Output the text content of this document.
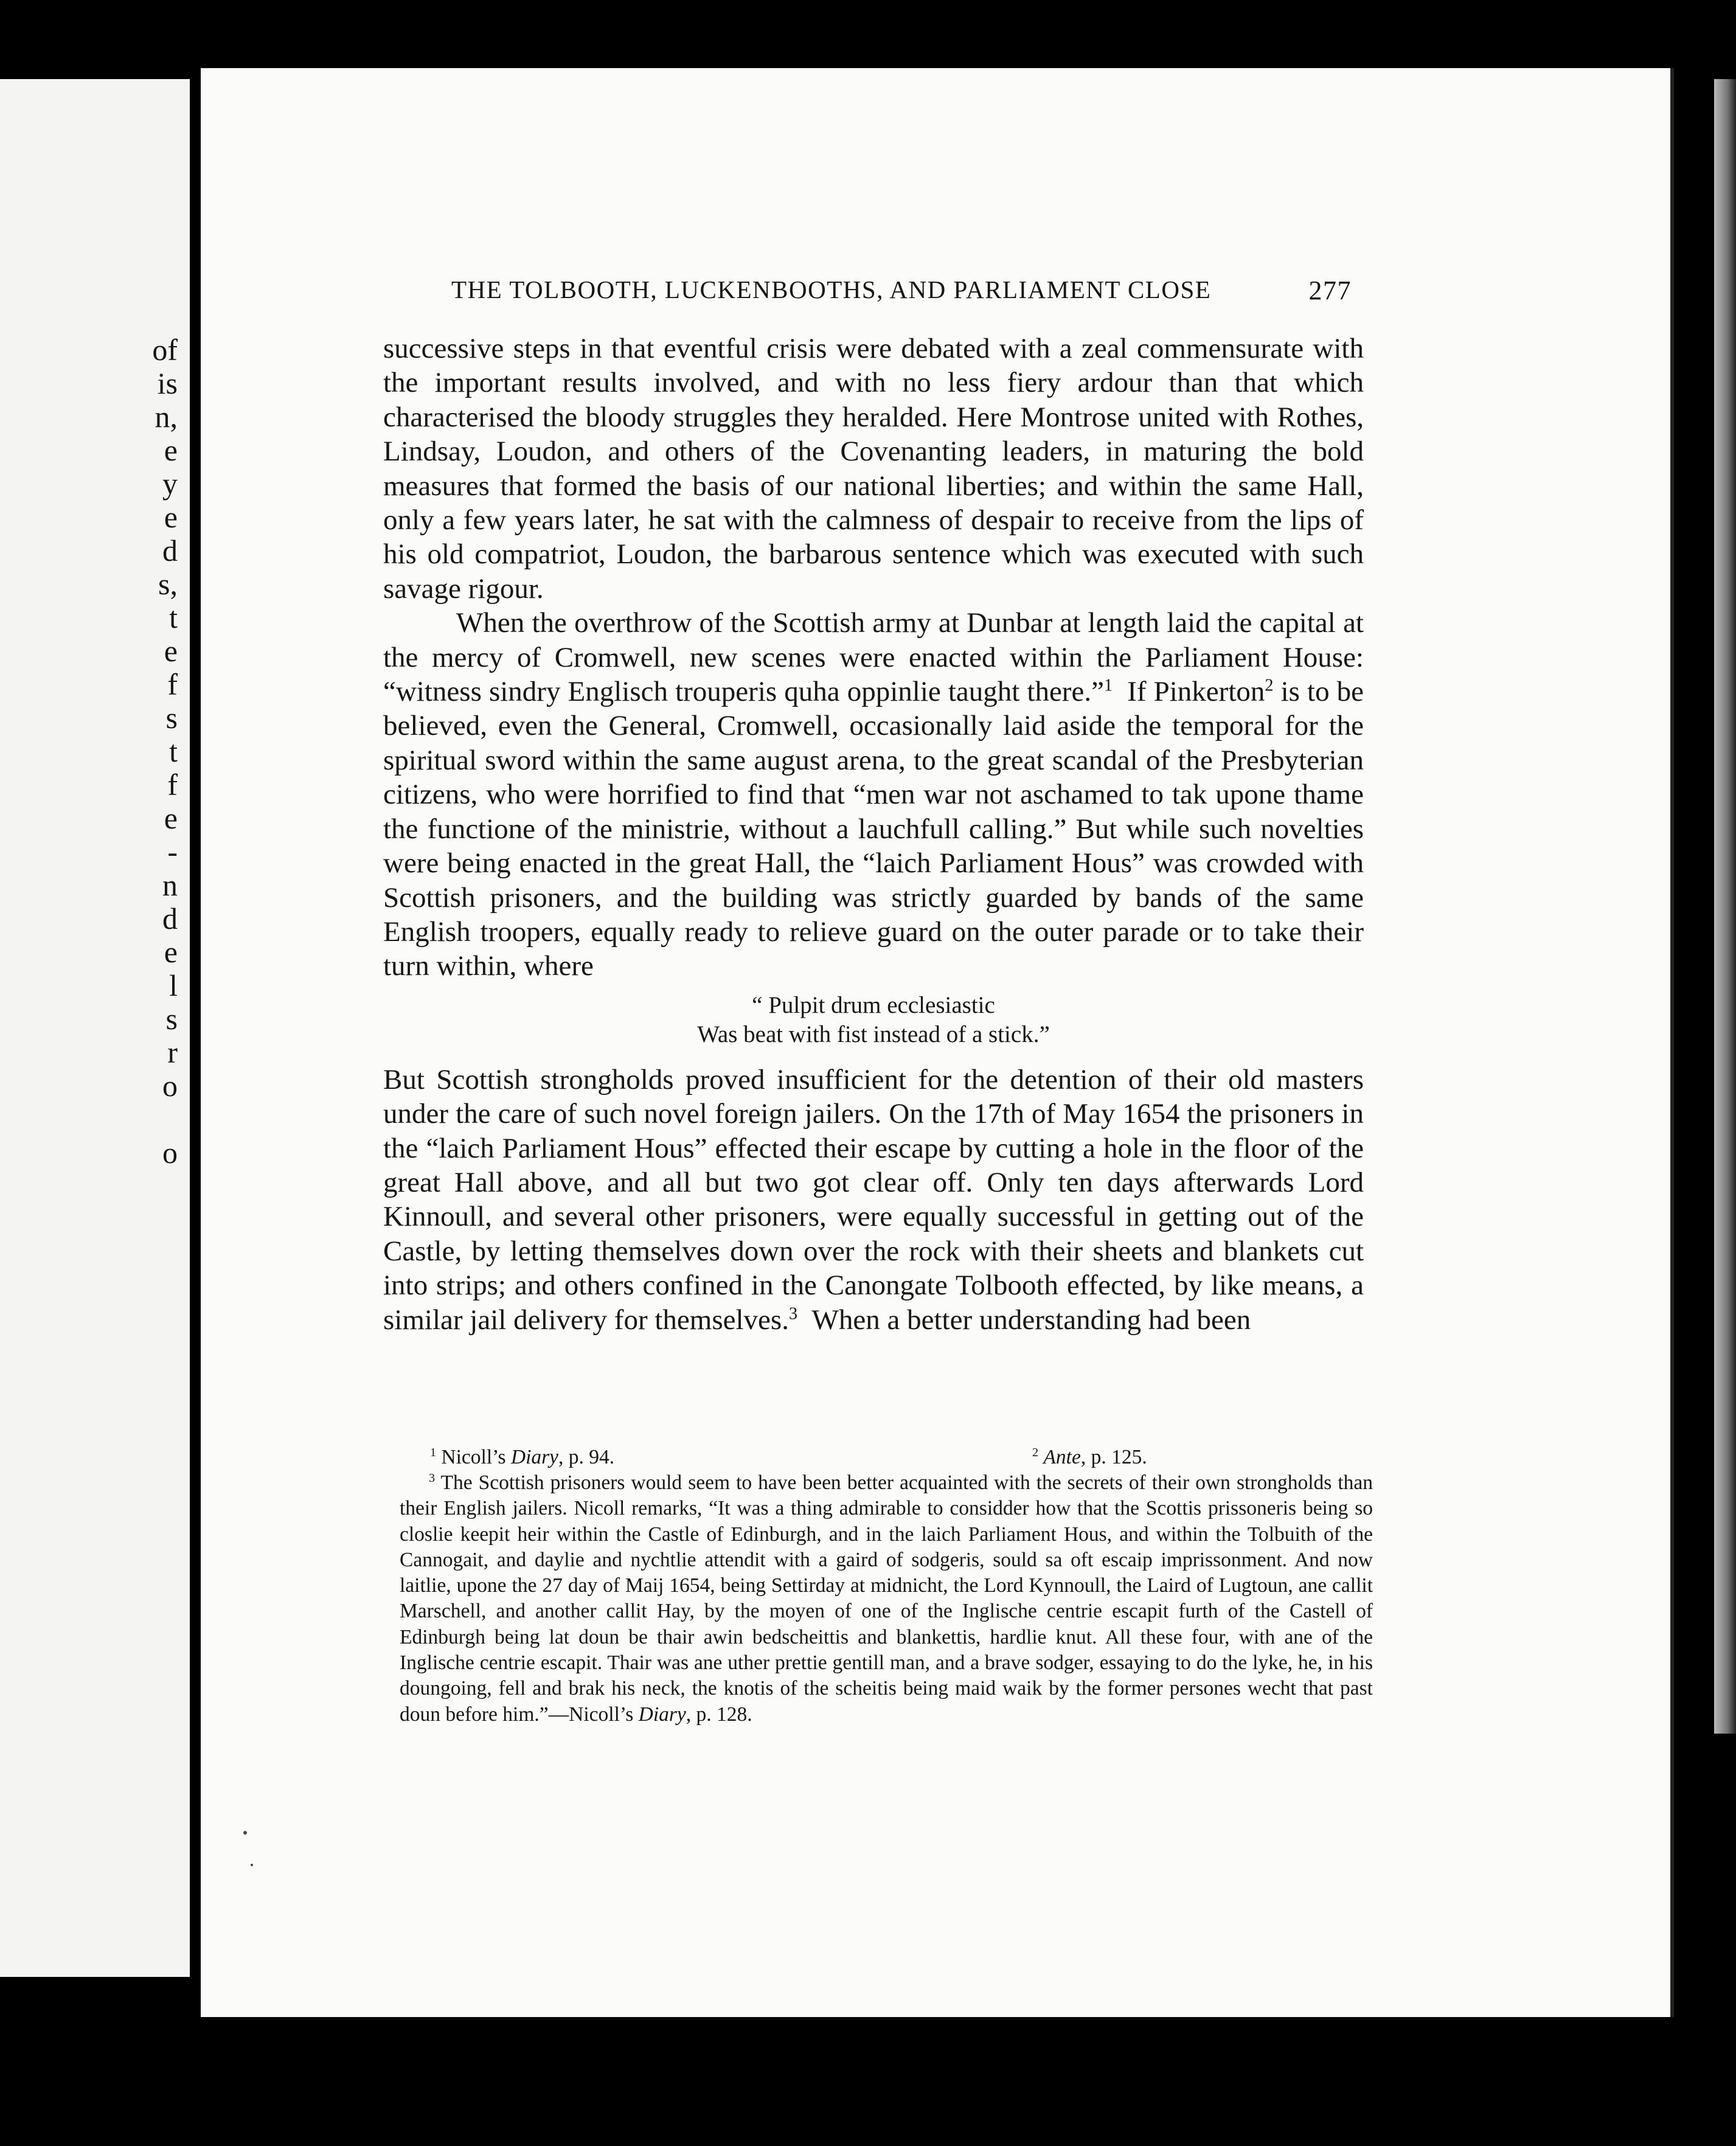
of
is
n,
e
y
e
d
s,
t
e
f
s
t
f
e
-
n
d
e
l
s
r
o
o
THE TOLBOOTH, LUCKENBOOTHS, AND PARLIAMENT CLOSE	277

successive steps in that eventful crisis were debated with a zeal commensurate with the important results involved, and with no less fiery ardour than that which characterised the bloody struggles they heralded. Here Montrose united with Rothes, Lindsay, Loudon, and others of the Covenanting leaders, in maturing the bold measures that formed the basis of our national liberties; and within the same Hall, only a few years later, he sat with the calmness of despair to receive from the lips of his old compatriot, Loudon, the barbarous sentence which was executed with such savage rigour.

When the overthrow of the Scottish army at Dunbar at length laid the capital at the mercy of Cromwell, new scenes were enacted within the Parliament House: “witness sindry Englisch trouperis quha oppinlie taught there.”$^1$ If Pinkerton$^2$ is to be believed, even the General, Cromwell, occasionally laid aside the temporal for the spiritual sword within the same august arena, to the great scandal of the Presbyterian citizens, who were horrified to find that “men war not aschamed to tak upone thame the functione of the ministrie, without a lauchfull calling.” But while such novelties were being enacted in the great Hall, the “laich Parliament Hous” was crowded with Scottish prisoners, and the building was strictly guarded by bands of the same English troopers, equally ready to relieve guard on the outer parade or to take their turn within, where

“ Pulpit drum ecclesiastic
Was beat with fist instead of a stick.”

But Scottish strongholds proved insufficient for the detention of their old masters under the care of such novel foreign jailers. On the 17th of May 1654 the prisoners in the “laich Parliament Hous” effected their escape by cutting a hole in the floor of the great Hall above, and all but two got clear off. Only ten days afterwards Lord Kinnoull, and several other prisoners, were equally successful in getting out of the Castle, by letting themselves down over the rock with their sheets and blankets cut into strips; and others confined in the Canongate Tolbooth effected, by like means, a similar jail delivery for themselves.$^3$ When a better understanding had been

$^1$ Nicoll’s Diary, p. 94.	$^2$ Ante, p. 125.

$^3$ The Scottish prisoners would seem to have been better acquainted with the secrets of their own strongholds than their English jailers. Nicoll remarks, “It was a thing admirable to considder how that the Scottis prissoneris being so closlie keepit heir within the Castle of Edinburgh, and in the laich Parliament Hous, and within the Tolbuith of the Cannogait, and daylie and nychtlie attendit with a gaird of sodgeris, sould sa oft escaip imprissonment. And now laitlie, upone the 27 day of Maij 1654, being Settirday at midnicht, the Lord Kynnoull, the Laird of Lugtoun, ane callit Marschell, and another callit Hay, by the moyen of one of the Inglische centrie escapit furth of the Castell of Edinburgh being lat doun be thair awin bedscheittis and blankettis, hardlie knut. All these four, with ane of the Inglische centrie escapit. Thair was ane uther prettie gentill man, and a brave sodger, essaying to do the lyke, he, in his doungoing, fell and brak his neck, the knotis of the scheitis being maid waik by the former persones wecht that past doun before him.”—Nicoll’s Diary, p. 128.
